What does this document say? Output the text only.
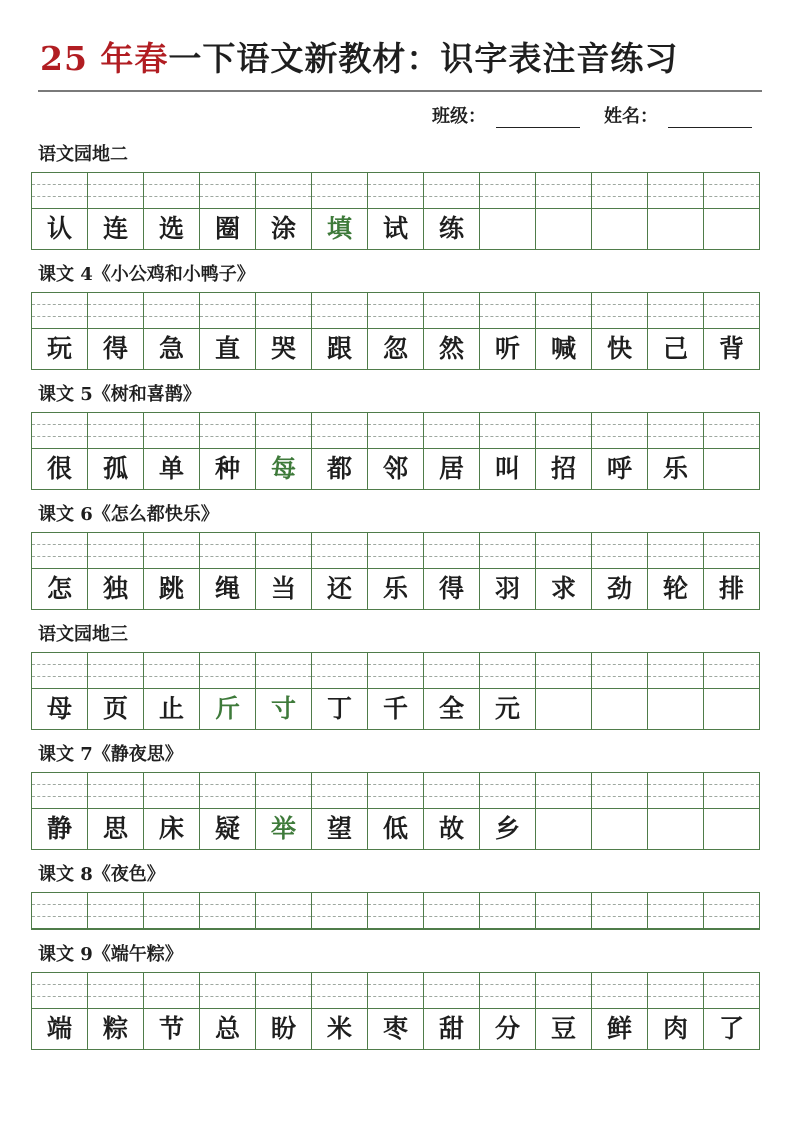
25 年春一下语文新教材：识字表注音练习
班级：	姓名：
语文园地二
认	连	选	圈	涂	填	试	练
课文 4《小公鸡和小鸭子》
玩	得	急	直	哭	跟	忽	然	听	喊	快	己	背
课文 5《树和喜鹊》
很	孤	单	种	每	都	邻	居	叫	招	呼	乐
课文 6《怎么都快乐》
怎	独	跳	绳	当	还	乐	得	羽	求	劲	轮	排
语文园地三
母	页	止	斤	寸	丁	千	全	元
课文 7《静夜思》
静	思	床	疑	举	望	低	故	乡
课文 8《夜色》
课文 9《端午粽》
端	粽	节	总	盼	米	枣	甜	分	豆	鲜	肉	了
